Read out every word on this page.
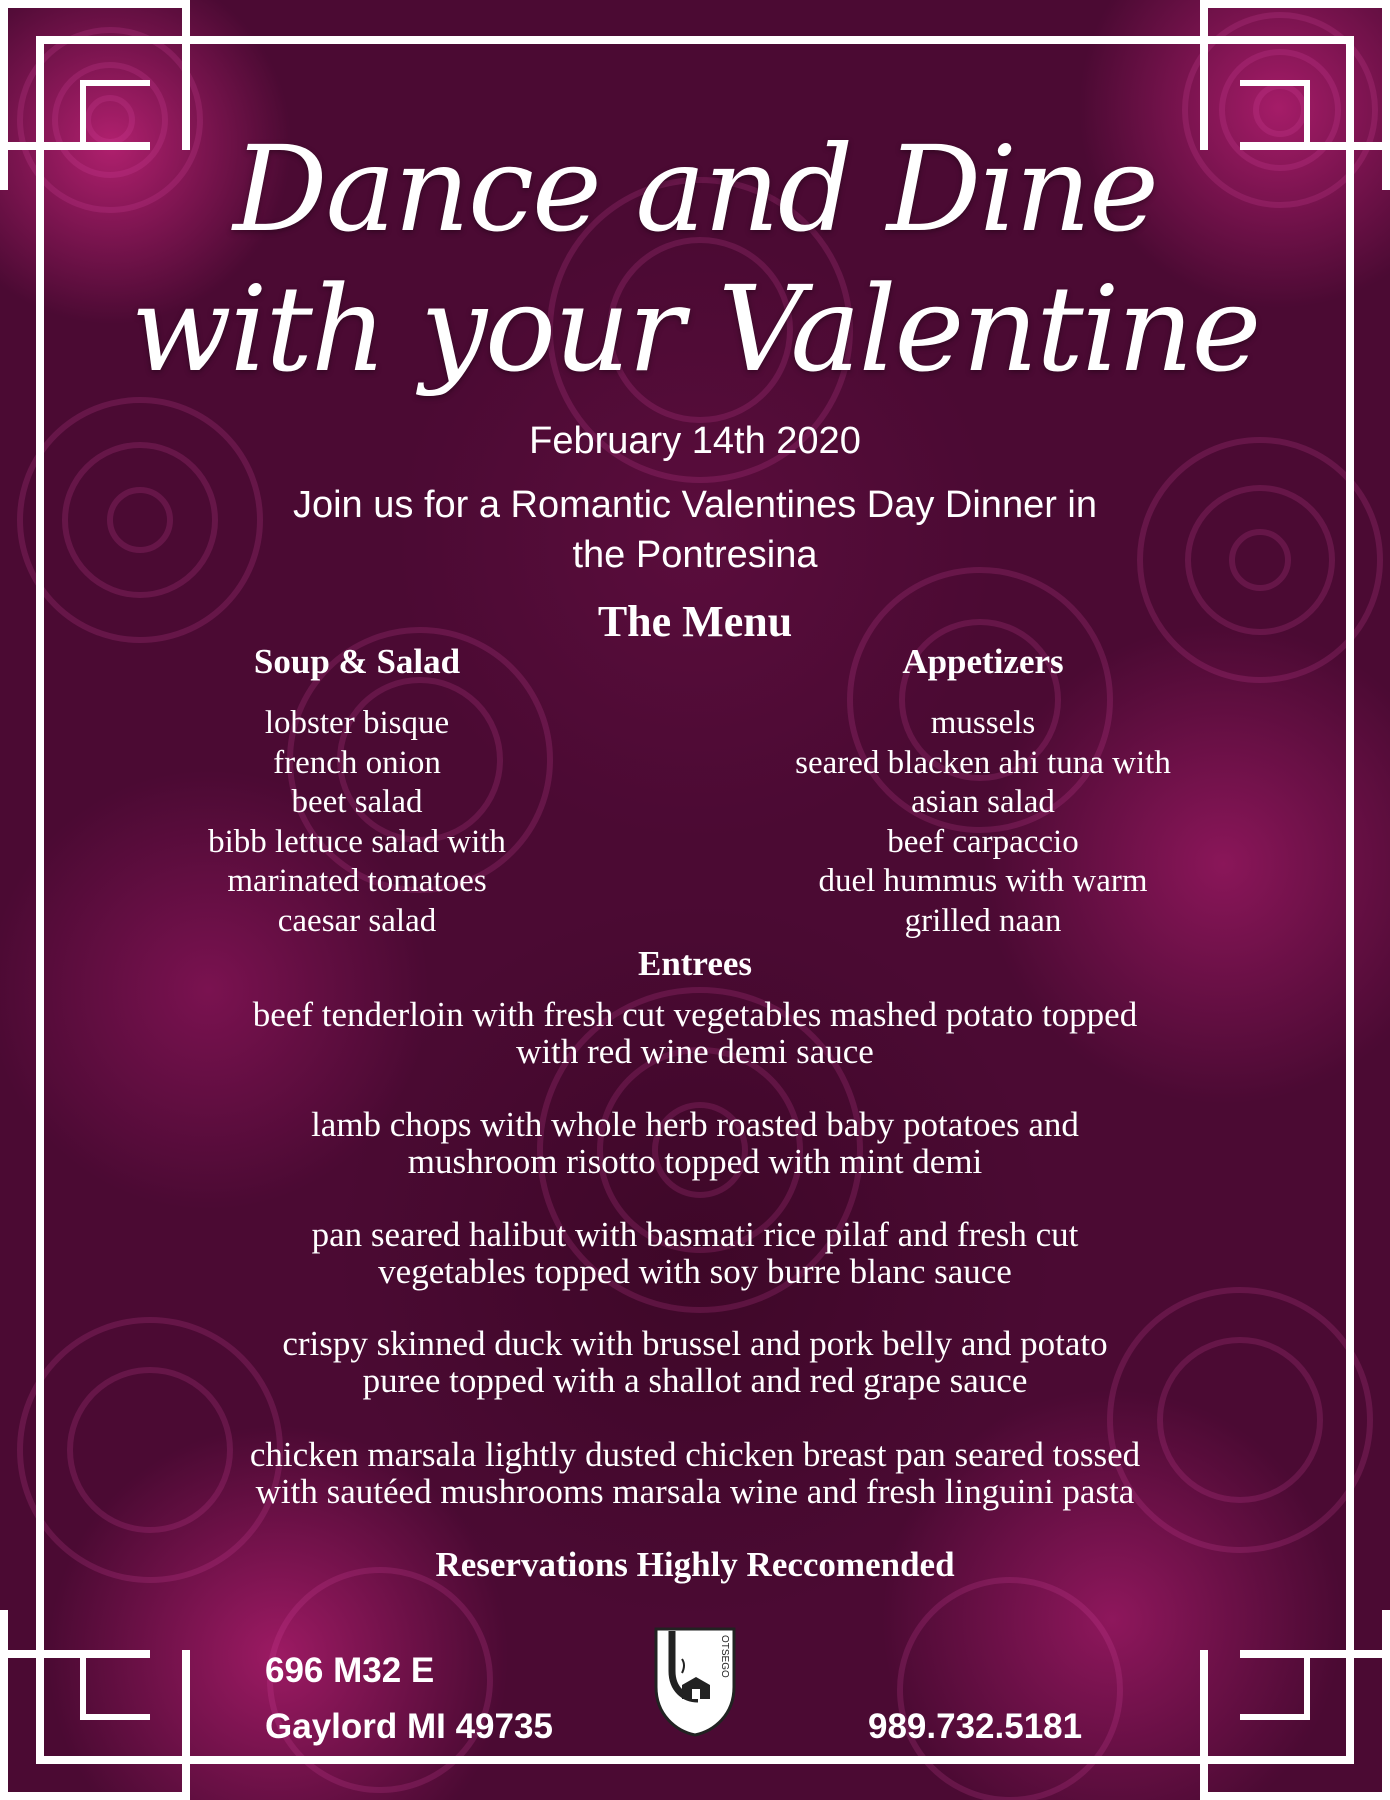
Dance and Dine
with your Valentine
February 14th 2020
Join us for a Romantic Valentines Day Dinner in
the Pontresina
The Menu
Soup & Salad
lobster bisque
french onion
beet salad
bibb lettuce salad with
marinated tomatoes
caesar salad
Appetizers
mussels
seared blacken ahi tuna with
asian salad
beef carpaccio
duel hummus with warm
grilled naan
Entrees
beef tenderloin with fresh cut vegetables mashed potato topped
with red wine demi sauce
lamb chops with whole herb roasted baby potatoes and
mushroom risotto topped with mint demi
pan seared halibut with basmati rice pilaf and fresh cut
vegetables topped with soy burre blanc sauce
crispy skinned duck with brussel and pork belly and potato
puree topped with a shallot and red grape sauce
chicken marsala lightly dusted chicken breast pan seared tossed
with sautéed mushrooms marsala wine and fresh linguini pasta
Reservations Highly Reccomended
696 M32 E
Gaylord MI 49735
OTSEGO
989.732.5181
